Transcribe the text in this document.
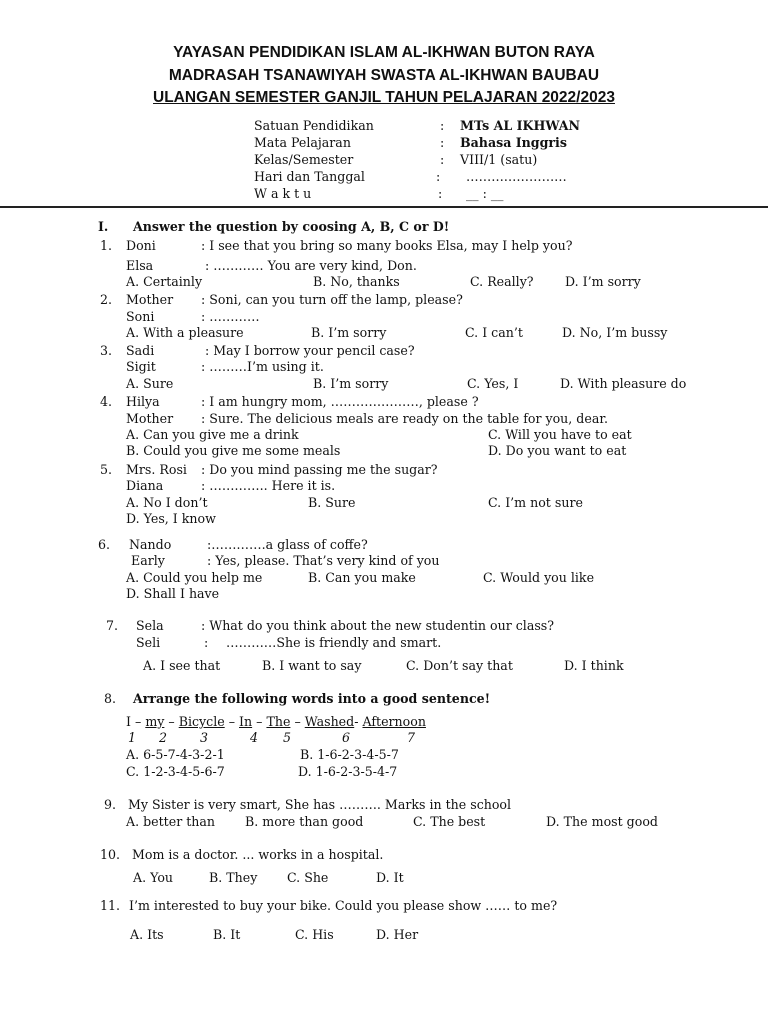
YAYASAN PENDIDIKAN ISLAM AL-IKHWAN BUTON RAYA
MADRASAH TSANAWIYAH SWASTA AL-IKHWAN BAUBAU
ULANGAN SEMESTER GANJIL TAHUN PELAJARAN 2022/2023
Satuan Pendidikan	: MTs AL IKHWAN
Mata Pelajaran	: Bahasa Inggris
Kelas/Semester	: VIII/1 (satu)
Hari dan Tanggal	: ……………………
W a k t u	: __ : __
I. Answer the question by coosing A, B, C or D!
1. Doni	: I see that you bring so many books Elsa, may I help you?
Elsa	: ………… You are very kind, Don.
A. Certainly	B. No, thanks	C. Really? D. I’m sorry
2. Mother : Soni, can you turn off the lamp, please?
Soni	: …………
A. With a pleasure	B. I’m sorry	C. I can’t	D. No, I’m bussy
3. Sadi	: May I borrow your pencil case?
Sigit	: ………I’m using it.
A. Sure	B. I’m sorry	C. Yes, I	D. With pleasure do
4. Hilya	: I am hungry mom, …………………, please ?
Mother : Sure. The delicious meals are ready on the table for you, dear.
A. Can you give me a drink
B. Could you give me some meals
C. Will you have to eat
D. Do you want to eat
5. Mrs. Rosi : Do you mind passing me the sugar?
Diana	: ………….. Here it is.
A. No I don’t	B. Sure	C. I’m not sure
D. Yes, I know
6. Nando	:………….a glass of coffe?
Early	: Yes, please. That’s very kind of you
A. Could you help me	B. Can you make	C. Would you like
D. Shall I have
7. Sela	: What do you think about the new studentin our class?
Seli	: …………She is friendly and smart.
A. I see that	B. I want to say	C. Don’t say that	D. I think
8. Arrange the following words into a good sentence!
I – my – Bicycle – In – The – Washed- Afternoon
1 2	3	4 5	6	7
A. 6-5-7-4-3-2-1	B. 1-6-2-3-4-5-7
C. 1-2-3-4-5-6-7	D. 1-6-2-3-5-4-7
9. My Sister is very smart, She has ………. Marks in the school
A. better than B. more than good	C. The best	D. The most good
10. Mom is a doctor. ... works in a hospital.
A. You	B. They C. She	D. It
11. I’m interested to buy your bike. Could you please show …… to me?
A. Its	B. It	C. His	D. Her
